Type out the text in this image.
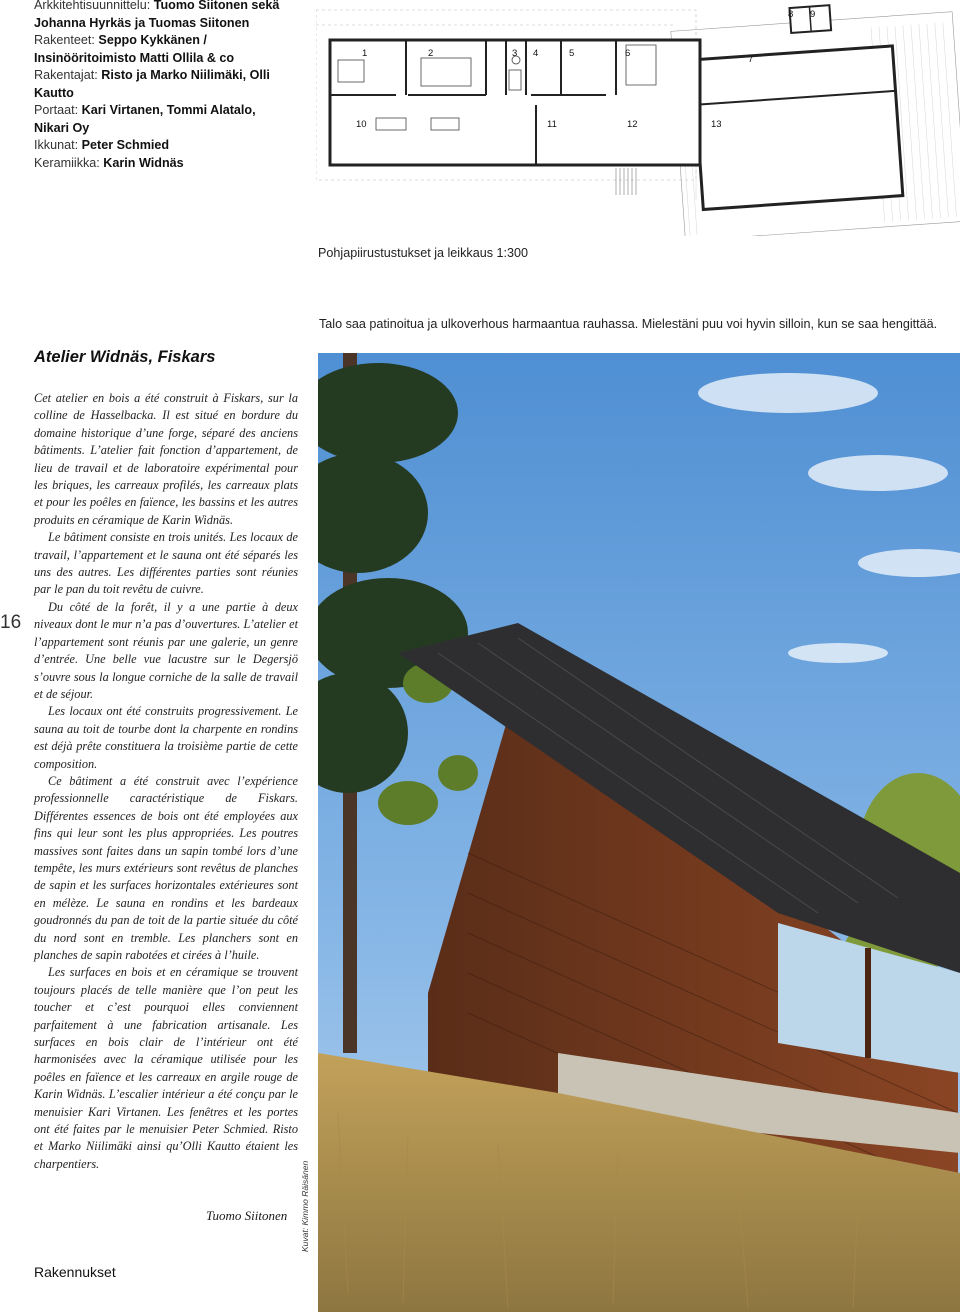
Arkkitehtisuunnittelu: Tuomo Siitonen sekä Johanna Hyrkäs ja Tuomas Siitonen
Rakenteet: Seppo Kykkänen / Insinööritoimisto Matti Ollila & co
Rakentajat: Risto ja Marko Niilimäki, Olli Kautto
Portaat: Kari Virtanen, Tommi Alatalo, Nikari Oy
Ikkunat: Peter Schmied
Keramiikka: Karin Widnäs
1	2	3 4	5	6
7
8 9
10	11	12	13
Pohjapiirustustukset ja leikkaus 1:300
Talo saa patinoitua ja ulkoverhous harmaantua rauhassa. Mielestäni puu voi hyvin silloin, kun se saa hengittää.
Atelier Widnäs, Fiskars

Cet atelier en bois a été construit à Fiskars, sur la colline de Hasselbacka. Il est situé en bordure du domaine historique d’une forge, séparé des anciens bâtiments. L’atelier fait fonction d’appartement, de lieu de travail et de laboratoire expérimental pour les briques, les carreaux profilés, les carreaux plats et pour les poêles en faïence, les bassins et les autres produits en céramique de Karin Widnäs.

Le bâtiment consiste en trois unités. Les locaux de travail, l’appartement et le sauna ont été séparés les uns des autres. Les différentes parties sont réunies par le pan du toit revêtu de cuivre.

Du côté de la forêt, il y a une partie à deux niveaux dont le mur n’a pas d’ouvertures. L’atelier et l’appartement sont réunis par une galerie, un genre d’entrée. Une belle vue lacustre sur le Degersjö s’ouvre sous la longue corniche de la salle de travail et de séjour.

Les locaux ont été construits progressivement. Le sauna au toit de tourbe dont la charpente en rondins est déjà prête constituera la troisième partie de cette composition.

Ce bâtiment a été construit avec l’expérience professionnelle caractéristique de Fiskars. Différentes essences de bois ont été employées aux fins qui leur sont les plus appropriées. Les poutres massives sont faites dans un sapin tombé lors d’une tempête, les murs extérieurs sont revêtus de planches de sapin et les surfaces horizontales extérieures sont en mélèze. Le sauna en rondins et les bardeaux goudronnés du pan de toit de la partie située du côté du nord sont en tremble. Les planchers sont en planches de sapin rabotées et cirées à l’huile.

Les surfaces en bois et en céramique se trouvent toujours placés de telle manière que l’on peut les toucher et c’est pourquoi elles conviennent parfaitement à une fabrication artisanale. Les surfaces en bois clair de l’intérieur ont été harmonisées avec la céramique utilisée pour les poêles en faïence et les carreaux en argile rouge de Karin Widnäs. L’escalier intérieur a été conçu par le menuisier Kari Virtanen. Les fenêtres et les portes ont été faites par le menuisier Peter Schmied. Risto et Marko Niilimäki ainsi qu’Olli Kautto étaient les charpentiers.

Tuomo Siitonen
16
Rakennukset
Kuvat: Kimmo Räisänen
